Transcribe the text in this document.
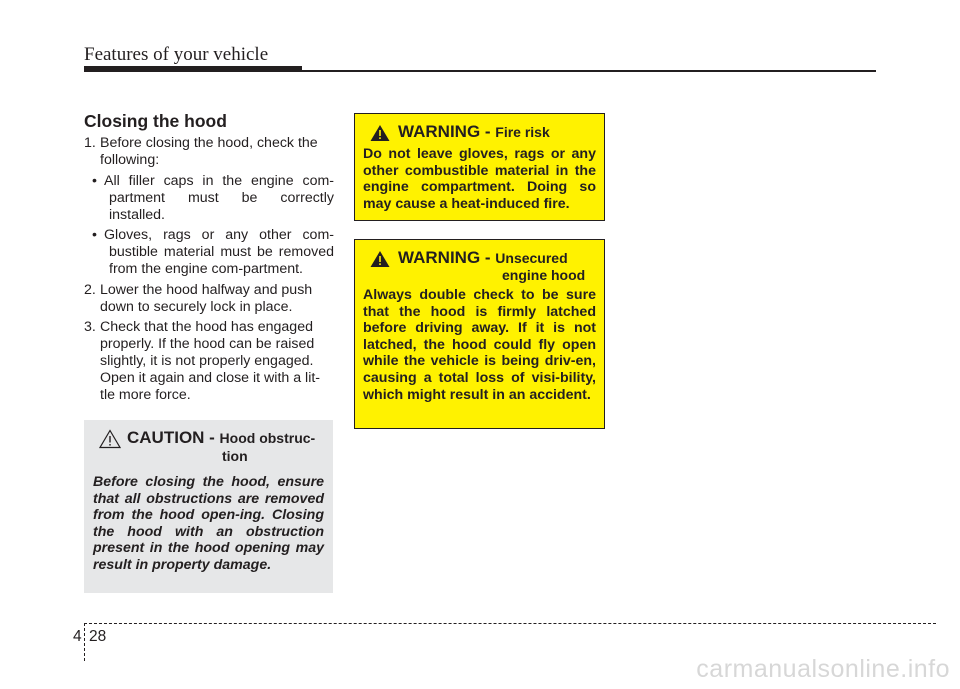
Features of your vehicle
Closing the hood
1. Before closing the hood, check the following:
• All filler caps in the engine com-partment must be correctly installed.
• Gloves, rags or any other com-bustible material must be removed from the engine com-partment.
2. Lower the hood halfway and push down to securely lock in place.
3. Check that the hood has engaged properly. If the hood can be raised slightly, it is not properly engaged. Open it again and close it with a lit-tle more force.
CAUTION - Hood obstruc-
tion
Before closing the hood, ensure that all obstructions are removed from the hood open-ing. Closing the hood with an obstruction present in the hood opening may result in property damage.
WARNING - Fire risk
Do not leave gloves, rags or any other combustible material in the engine compartment. Doing so may cause a heat-induced fire.
WARNING - Unsecured
engine hood
Always double check to be sure that the hood is firmly latched before driving away. If it is not latched, the hood could fly open while the vehicle is being driv-en, causing a total loss of visi-bility, which might result in an accident.
4 28
carmanualsonline.info
